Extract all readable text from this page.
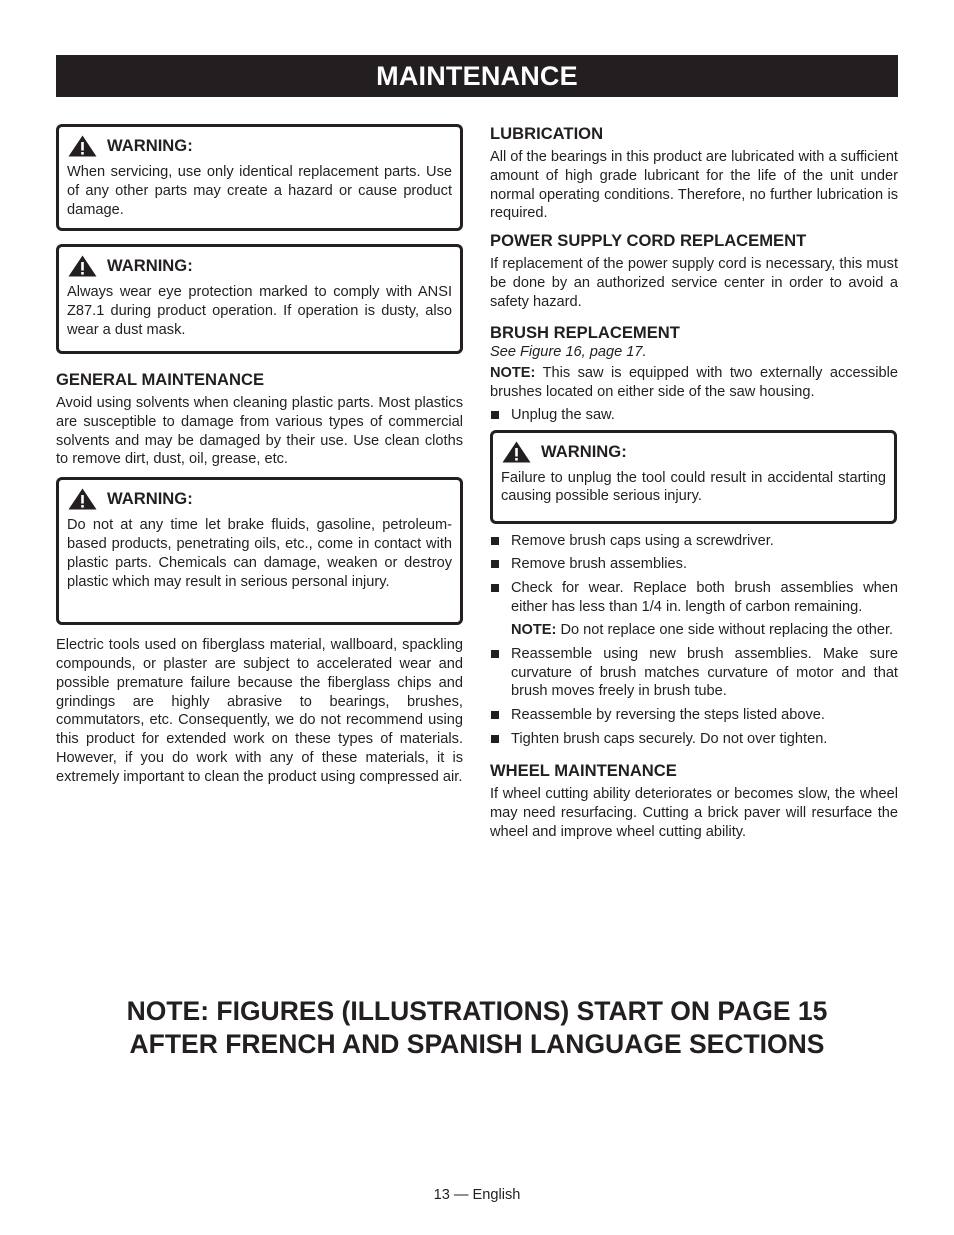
MAINTENANCE
WARNING:

When servicing, use only identical replacement parts. Use of any other parts may create a hazard or cause product damage.

WARNING:

Always wear eye protection marked to comply with ANSI Z87.1 during product operation. If operation is dusty, also wear a dust mask.

GENERAL MAINTENANCE

Avoid using solvents when cleaning plastic parts. Most plastics are susceptible to damage from various types of commercial solvents and may be damaged by their use. Use clean cloths to remove dirt, dust, oil, grease, etc.

WARNING:

Do not at any time let brake fluids, gasoline, petroleum-based products, penetrating oils, etc., come in contact with plastic parts. Chemicals can damage, weaken or destroy plastic which may result in serious personal injury.

Electric tools used on fiberglass material, wallboard, spackling compounds, or plaster are subject to accelerated wear and possible premature failure because the fiberglass chips and grindings are highly abrasive to bearings, brushes, commutators, etc. Consequently, we do not recommend using this product for extended work on these types of materials. However, if you do work with any of these materials, it is extremely important to clean the product using compressed air.

LUBRICATION

All of the bearings in this product are lubricated with a sufficient amount of high grade lubricant for the life of the unit under normal operating conditions. Therefore, no further lubrication is required.

POWER SUPPLY CORD REPLACEMENT

If replacement of the power supply cord is necessary, this must be done by an authorized service center in order to avoid a safety hazard.

BRUSH REPLACEMENT

See Figure 16, page 17.

NOTE: This saw is equipped with two externally accessible brushes located on either side of the saw housing.

Unplug the saw.
WARNING:

Failure to unplug the tool could result in accidental starting causing possible serious injury.

Remove brush caps using a screwdriver.
Remove brush assemblies.
Check for wear. Replace both brush assemblies when either has less than 1/4 in. length of carbon remaining.

NOTE: Do not replace one side without replacing the other.

Reassemble using new brush assemblies. Make sure curvature of brush matches curvature of motor and that brush moves freely in brush tube.
Reassemble by reversing the steps listed above.
Tighten brush caps securely. Do not over tighten.
WHEEL MAINTENANCE

If wheel cutting ability deteriorates or becomes slow, the wheel may need resurfacing. Cutting a brick paver will resurface the wheel and improve wheel cutting ability.

NOTE: FIGURES (ILLUSTRATIONS) START ON PAGE 15
AFTER FRENCH AND SPANISH LANGUAGE SECTIONS
13 — English
